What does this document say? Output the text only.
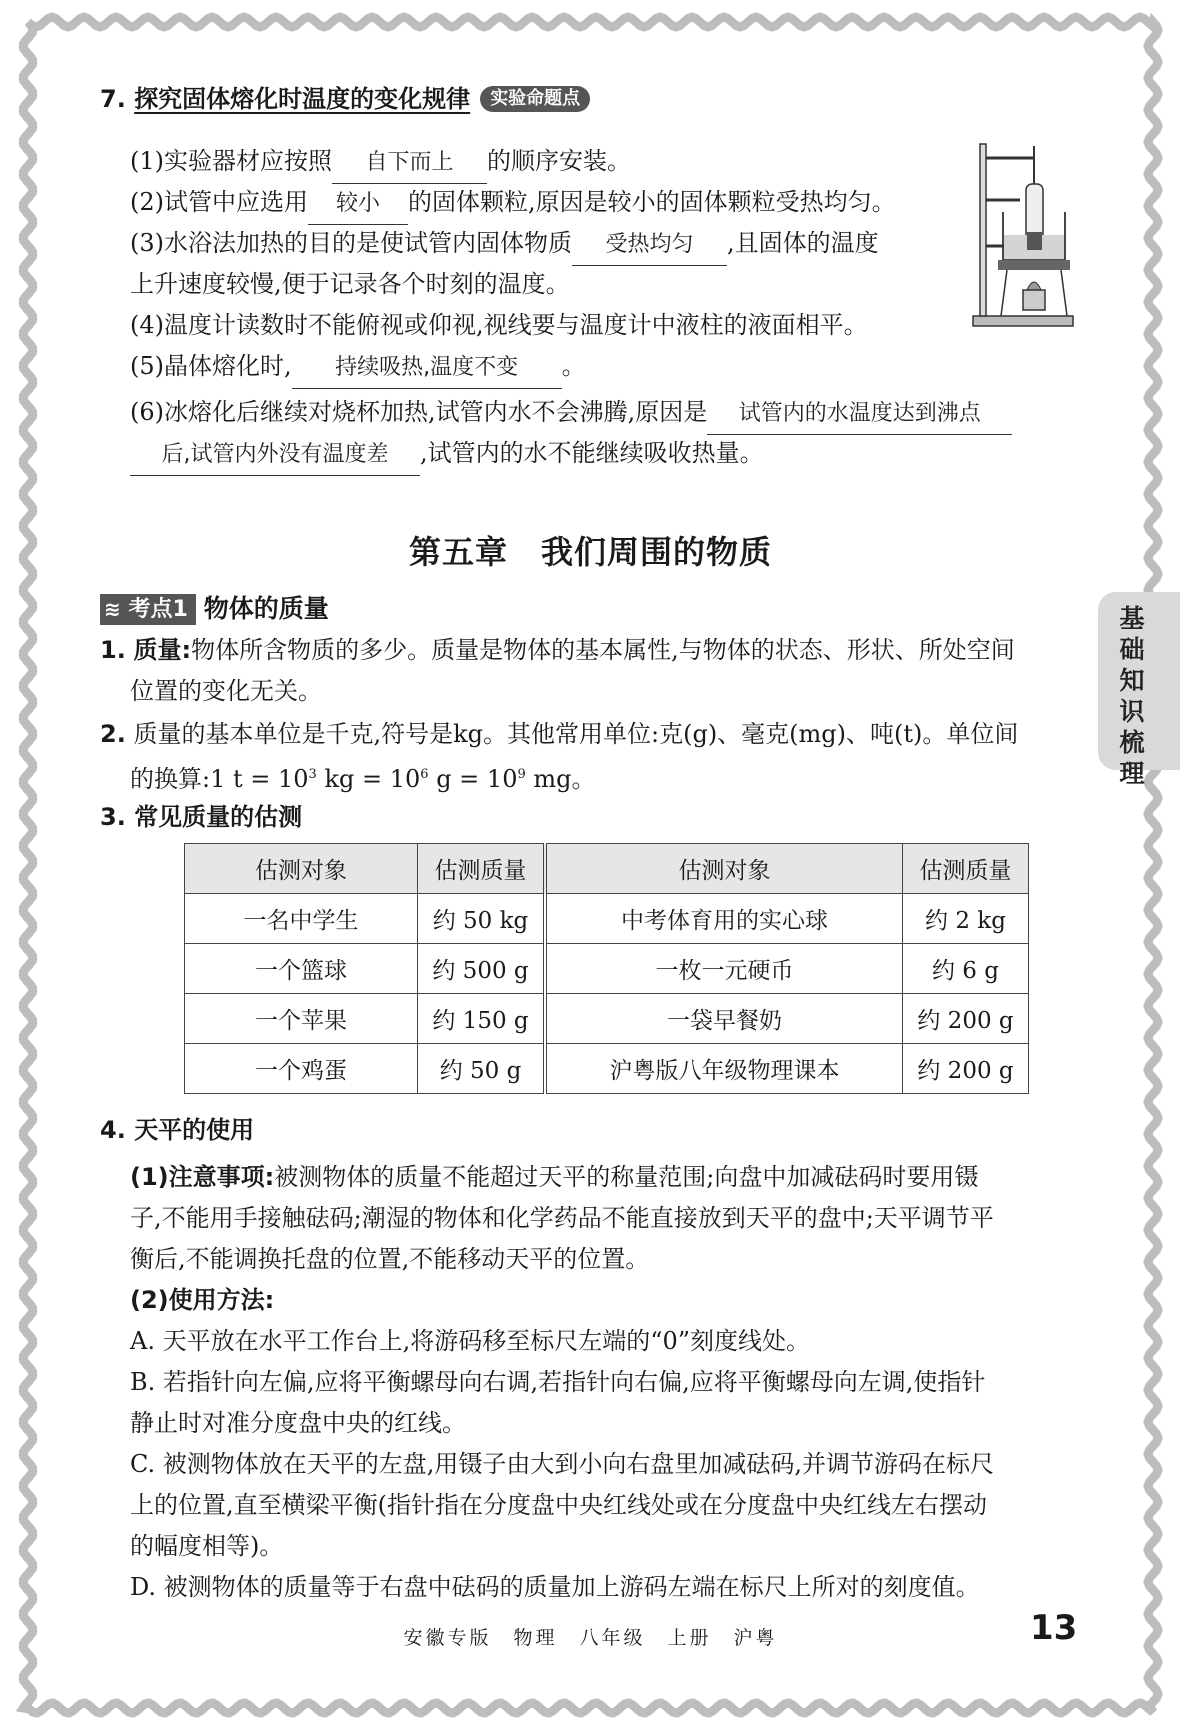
7. 探究固体熔化时温度的变化规律 实验命题点
(1)实验器材应按照 自下而上 的顺序安装。
(2)试管中应选用 较小 的固体颗粒,原因是较小的固体颗粒受热均匀。
(3)水浴法加热的目的是使试管内固体物质 受热均匀 ,且固体的温度
上升速度较慢,便于记录各个时刻的温度。
(4)温度计读数时不能俯视或仰视,视线要与温度计中液柱的液面相平。
(5)晶体熔化时, 持续吸热,温度不变 。
(6)冰熔化后继续对烧杯加热,试管内水不会沸腾,原因是 试管内的水温度达到沸点
后,试管内外没有温度差 ,试管内的水不能继续吸收热量。
第五章　我们周围的物质
≋ 考点1 物体的质量	基础知识梳理
1. 质量:物体所含物质的多少。质量是物体的基本属性,与物体的状态、形状、所处空间
位置的变化无关。
2. 质量的基本单位是千克,符号是kg。其他常用单位:克(g)、毫克(mg)、吨(t)。单位间
的换算:1 $t = 10^3$ kg = $10^6$ $g = 10^9$ mg。
3. 常见质量的估测
估测对象	估测质量	估测对象	估测质量
一名中学生	约 50 kg	中考体育用的实心球	约 2 kg
一个篮球	约 500 g	一枚一元硬币	约 6 g
一个苹果	约 150 g	一袋早餐奶	约 200 g
一个鸡蛋	约 50 g	沪粤版八年级物理课本	约 200 g
4. 天平的使用
(1)注意事项:被测物体的质量不能超过天平的称量范围;向盘中加减砝码时要用镊
子,不能用手接触砝码;潮湿的物体和化学药品不能直接放到天平的盘中;天平调节平
衡后,不能调换托盘的位置,不能移动天平的位置。
(2)使用方法:
A. 天平放在水平工作台上,将游码移至标尺左端的“0”刻度线处。
B. 若指针向左偏,应将平衡螺母向右调,若指针向右偏,应将平衡螺母向左调,使指针
静止时对准分度盘中央的红线。
C. 被测物体放在天平的左盘,用镊子由大到小向右盘里加减砝码,并调节游码在标尺
上的位置,直至横梁平衡(指针指在分度盘中央红线处或在分度盘中央红线左右摆动
的幅度相等)。
D. 被测物体的质量等于右盘中砝码的质量加上游码左端在标尺上所对的刻度值。
安徽专版　物理　八年级　上册　沪粤	13
